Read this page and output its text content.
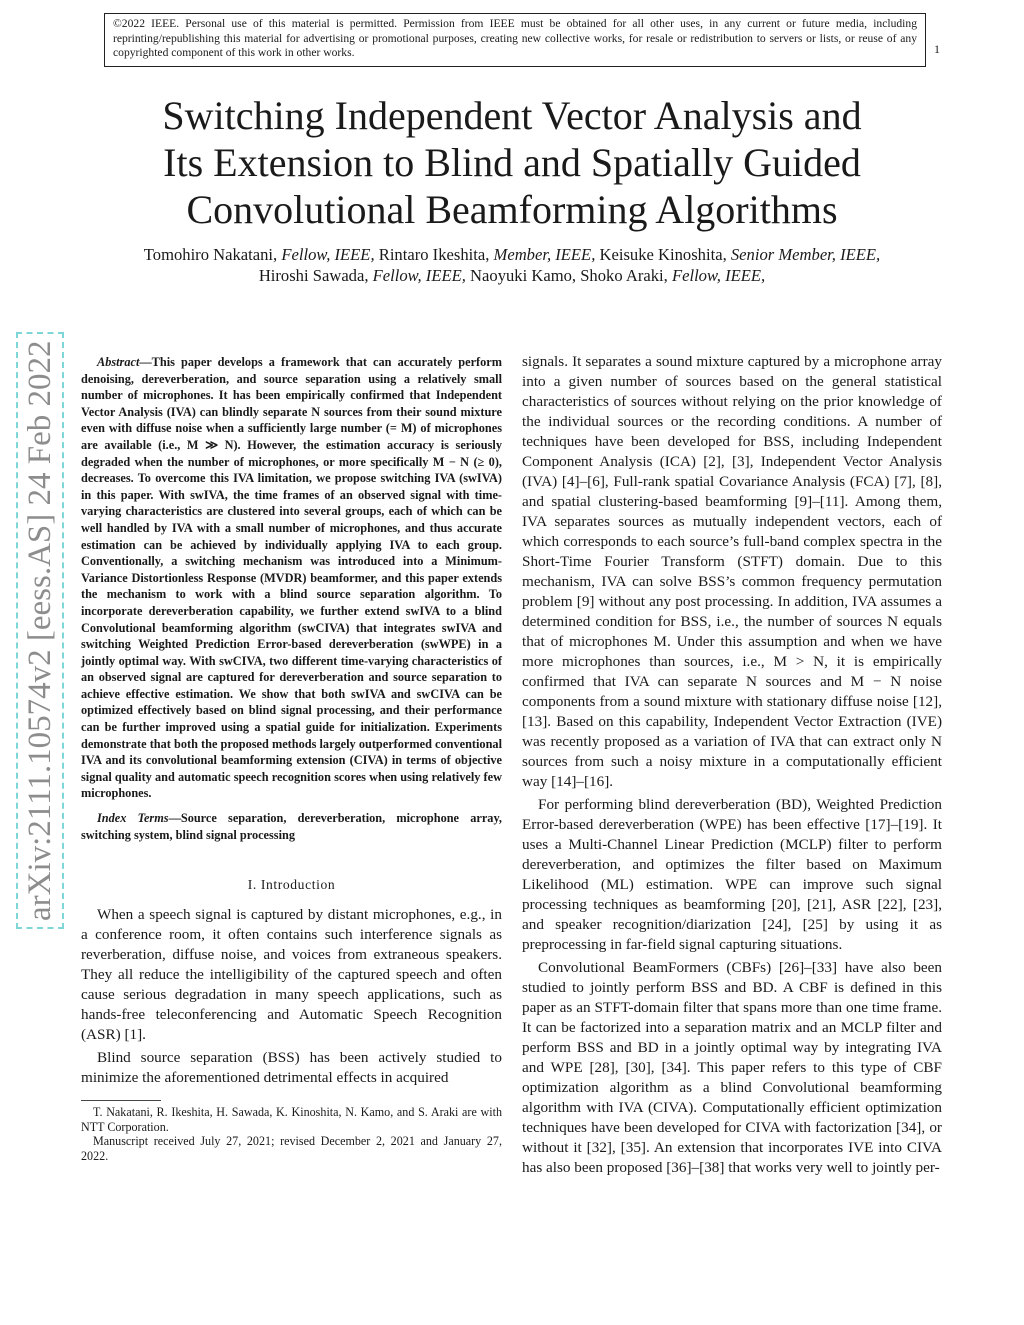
©2022 IEEE. Personal use of this material is permitted. Permission from IEEE must be obtained for all other uses, in any current or future media, including reprinting/republishing this material for advertising or promotional purposes, creating new collective works, for resale or redistribution to servers or lists, or reuse of any copyrighted component of this work in other works.	1
arXiv:2111.10574v2 [eess.AS] 24 Feb 2022
Switching Independent Vector Analysis and
Its Extension to Blind and Spatially Guided
Convolutional Beamforming Algorithms
Tomohiro Nakatani, Fellow, IEEE, Rintaro Ikeshita, Member, IEEE, Keisuke Kinoshita, Senior Member, IEEE,
Hiroshi Sawada, Fellow, IEEE, Naoyuki Kamo, Shoko Araki, Fellow, IEEE,

Abstract—This paper develops a framework that can accurately perform denoising, dereverberation, and source separation using a relatively small number of microphones. It has been empirically confirmed that Independent Vector Analysis (IVA) can blindly separate N sources from their sound mixture even with diffuse noise when a sufficiently large number (= M) of microphones are available (i.e., M ≫ N). However, the estimation accuracy is seriously degraded when the number of microphones, or more specifically M − N (≥ 0), decreases. To overcome this IVA limitation, we propose switching IVA (swIVA) in this paper. With swIVA, the time frames of an observed signal with time-varying characteristics are clustered into several groups, each of which can be well handled by IVA with a small number of microphones, and thus accurate estimation can be achieved by individually applying IVA to each group. Conventionally, a switching mechanism was introduced into a Minimum-Variance Distortionless Response (MVDR) beamformer, and this paper extends the mechanism to work with a blind source separation algorithm. To incorporate dereverberation capability, we further extend swIVA to a blind Convolutional beamforming algorithm (swCIVA) that integrates swIVA and switching Weighted Prediction Error-based dereverberation (swWPE) in a jointly optimal way. With swCIVA, two different time-varying characteristics of an observed signal are captured for dereverberation and source separation to achieve effective estimation. We show that both swIVA and swCIVA can be optimized effectively based on blind signal processing, and their performance can be further improved using a spatial guide for initialization. Experiments demonstrate that both the proposed methods largely outperformed conventional IVA and its convolutional beamforming extension (CIVA) in terms of objective signal quality and automatic speech recognition scores when using relatively few microphones.

Index Terms—Source separation, dereverberation, microphone array, switching system, blind signal processing

I. Introduction

When a speech signal is captured by distant microphones, e.g., in a conference room, it often contains such interference signals as reverberation, diffuse noise, and voices from extraneous speakers. They all reduce the intelligibility of the captured speech and often cause serious degradation in many speech applications, such as hands-free teleconferencing and Automatic Speech Recognition (ASR) [1].

Blind source separation (BSS) has been actively studied to minimize the aforementioned detrimental effects in acquired

T. Nakatani, R. Ikeshita, H. Sawada, K. Kinoshita, N. Kamo, and S. Araki are with NTT Corporation.

Manuscript received July 27, 2021; revised December 2, 2021 and January 27, 2022.

signals. It separates a sound mixture captured by a microphone array into a given number of sources based on the general statistical characteristics of sources without relying on the prior knowledge of the individual sources or the recording conditions. A number of techniques have been developed for BSS, including Independent Component Analysis (ICA) [2], [3], Independent Vector Analysis (IVA) [4]–[6], Full-rank spatial Covariance Analysis (FCA) [7], [8], and spatial clustering-based beamforming [9]–[11]. Among them, IVA separates sources as mutually independent vectors, each of which corresponds to each source’s full-band complex spectra in the Short-Time Fourier Transform (STFT) domain. Due to this mechanism, IVA can solve BSS’s common frequency permutation problem [9] without any post processing. In addition, IVA assumes a determined condition for BSS, i.e., the number of sources N equals that of microphones M. Under this assumption and when we have more microphones than sources, i.e., M > N, it is empirically confirmed that IVA can separate N sources and M − N noise components from a sound mixture with stationary diffuse noise [12], [13]. Based on this capability, Independent Vector Extraction (IVE) was recently proposed as a variation of IVA that can extract only N sources from such a noisy mixture in a computationally efficient way [14]–[16].

For performing blind dereverberation (BD), Weighted Prediction Error-based dereverberation (WPE) has been effective [17]–[19]. It uses a Multi-Channel Linear Prediction (MCLP) filter to perform dereverberation, and optimizes the filter based on Maximum Likelihood (ML) estimation. WPE can improve such signal processing techniques as beamforming [20], [21], ASR [22], [23], and speaker recognition/diarization [24], [25] by using it as preprocessing in far-field signal capturing situations.

Convolutional BeamFormers (CBFs) [26]–[33] have also been studied to jointly perform BSS and BD. A CBF is defined in this paper as an STFT-domain filter that spans more than one time frame. It can be factorized into a separation matrix and an MCLP filter and perform BSS and BD in a jointly optimal way by integrating IVA and WPE [28], [30], [34]. This paper refers to this type of CBF optimization algorithm as a blind Convolutional beamforming algorithm with IVA (CIVA). Computationally efficient optimization techniques have been developed for CIVA with factorization [34], or without it [32], [35]. An extension that incorporates IVE into CIVA has also been proposed [36]–[38] that works very well to jointly per-
